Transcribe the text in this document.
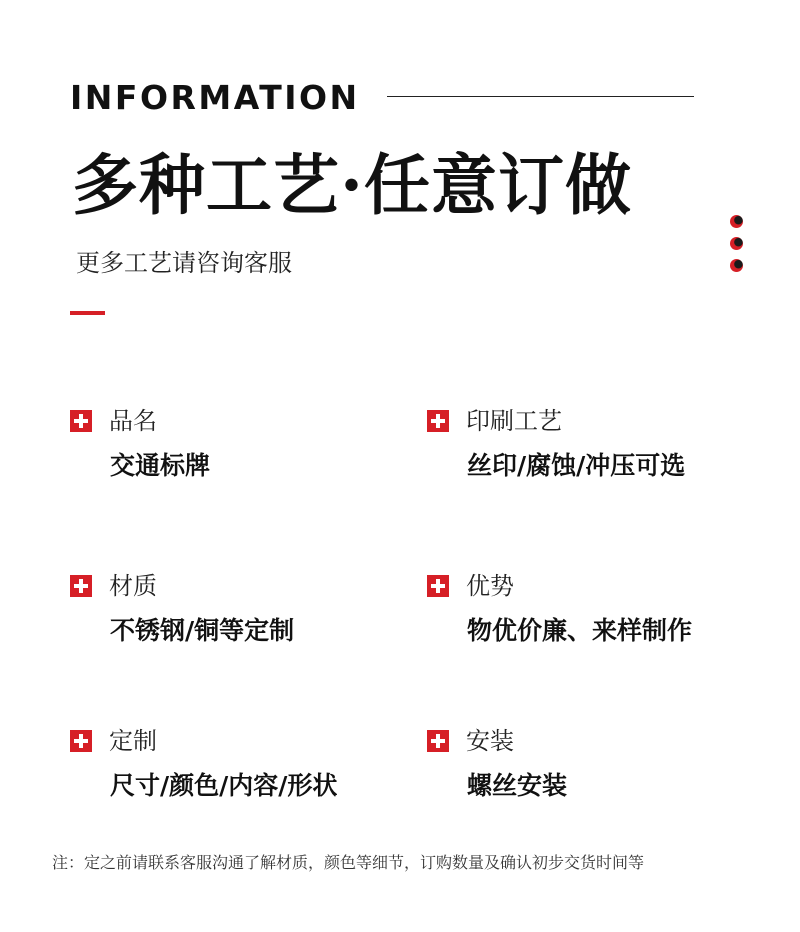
INFORMATION
多种工艺·任意订做
更多工艺请咨询客服
品名
交通标牌
印刷工艺
丝印/腐蚀/冲压可选
材质
不锈钢/铜等定制
优势
物优价廉、来样制作
定制
尺寸/颜色/内容/形状
安装
螺丝安装
注：定之前请联系客服沟通了解材质，颜色等细节，订购数量及确认初步交货时间等
